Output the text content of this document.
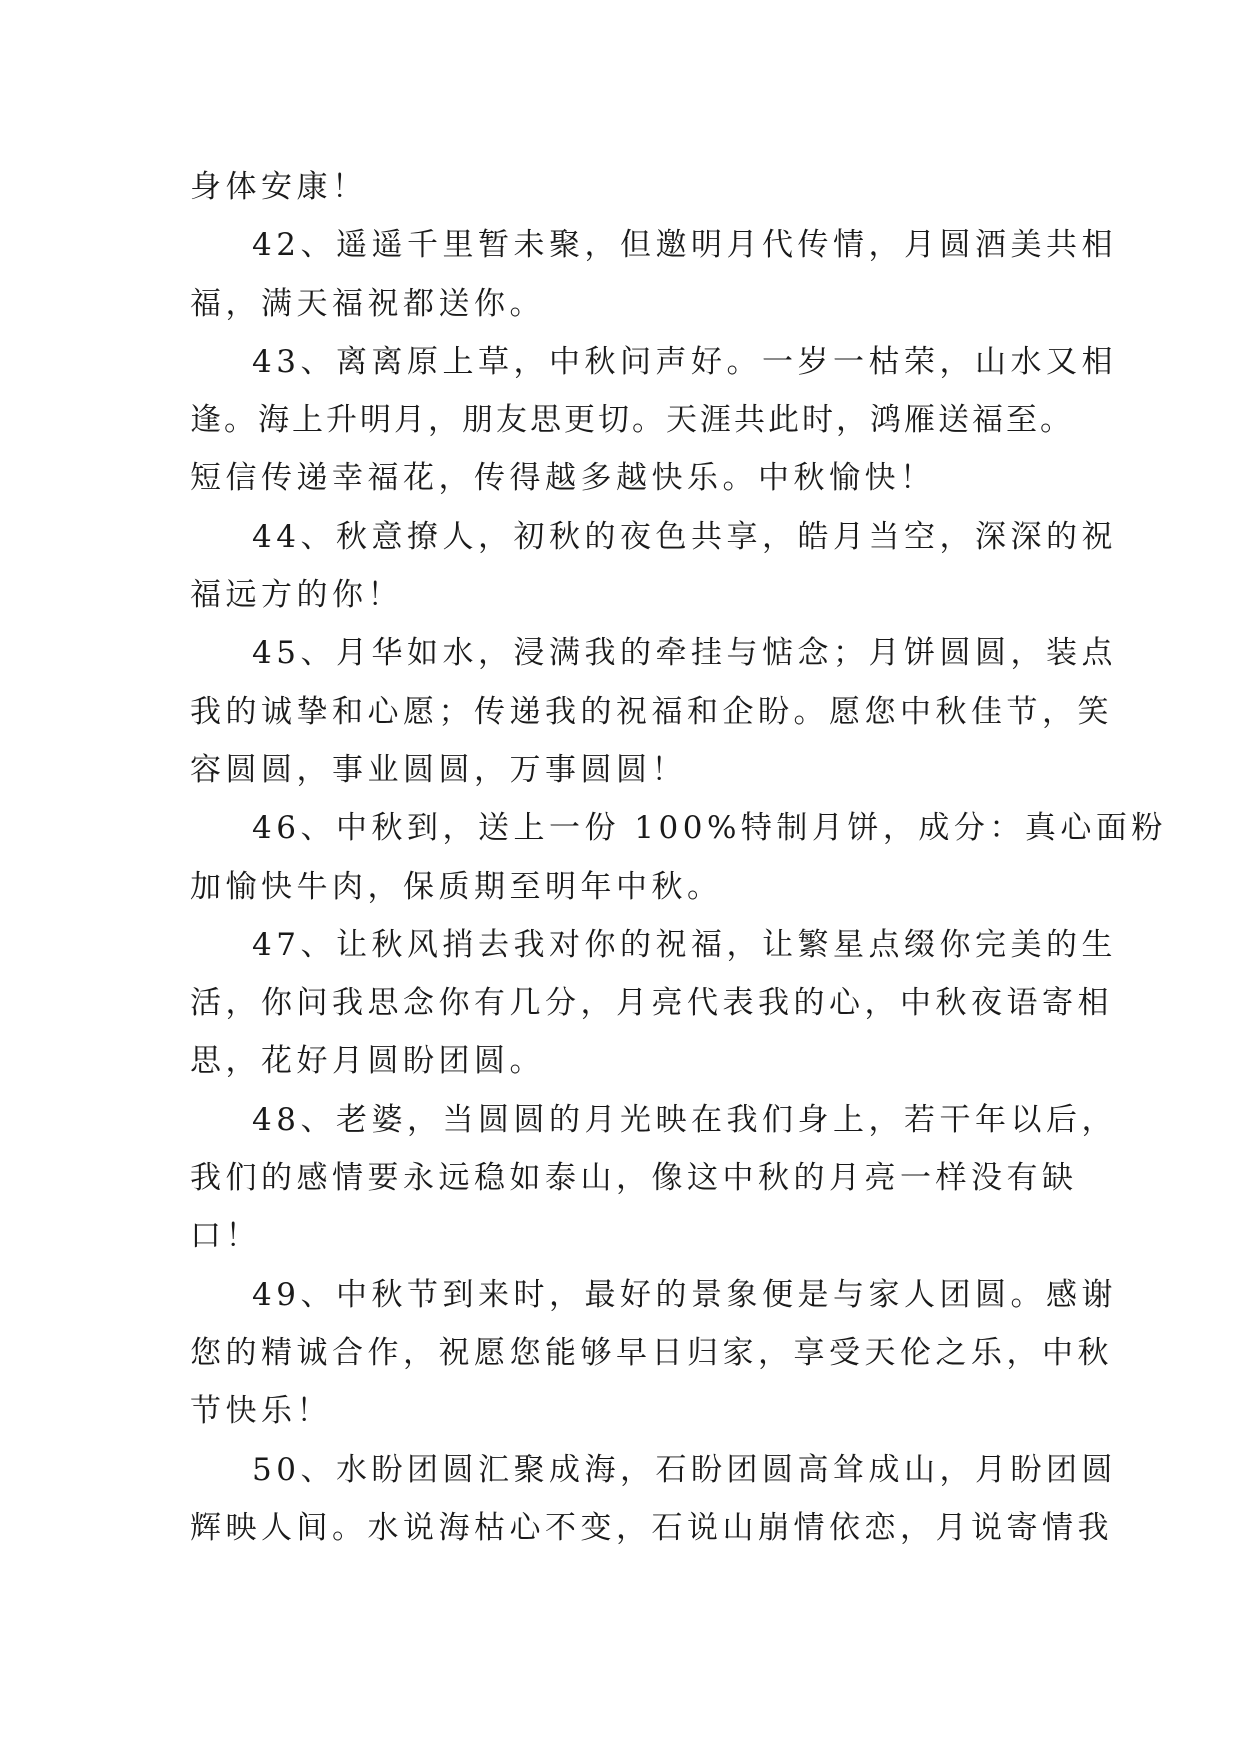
身体安康！
42、遥遥千里暂未聚，但邀明月代传情，月圆酒美共相
福，满天福祝都送你。
43、离离原上草，中秋问声好。一岁一枯荣，山水又相
逢。海上升明月，朋友思更切。天涯共此时，鸿雁送福至。
短信传递幸福花，传得越多越快乐。中秋愉快！
44、秋意撩人，初秋的夜色共享，皓月当空，深深的祝
福远方的你！
45、月华如水，浸满我的牵挂与惦念；月饼圆圆，装点
我的诚挚和心愿；传递我的祝福和企盼。愿您中秋佳节，笑
容圆圆，事业圆圆，万事圆圆！
46、中秋到，送上一份 100%特制月饼，成分：真心面粉
加愉快牛肉，保质期至明年中秋。
47、让秋风捎去我对你的祝福，让繁星点缀你完美的生
活，你问我思念你有几分，月亮代表我的心，中秋夜语寄相
思，花好月圆盼团圆。
48、老婆，当圆圆的月光映在我们身上，若干年以后，
我们的感情要永远稳如泰山，像这中秋的月亮一样没有缺
口！
49、中秋节到来时，最好的景象便是与家人团圆。感谢
您的精诚合作，祝愿您能够早日归家，享受天伦之乐，中秋
节快乐！
50、水盼团圆汇聚成海，石盼团圆高耸成山，月盼团圆
辉映人间。水说海枯心不变，石说山崩情依恋，月说寄情我
